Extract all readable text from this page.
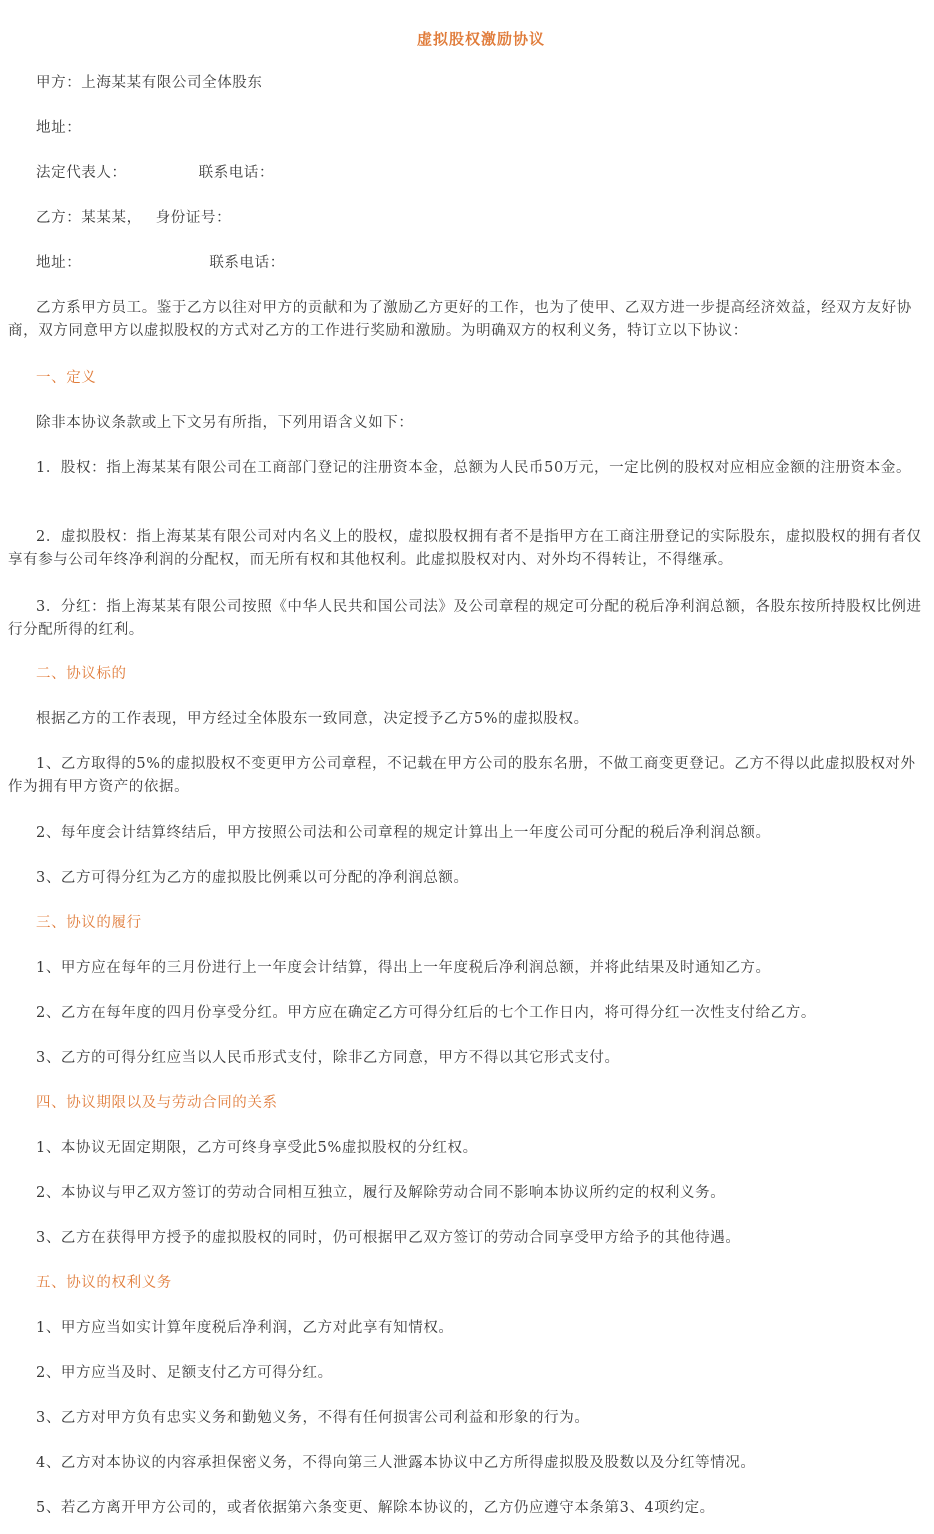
虚拟股权激励协议

甲方：上海某某有限公司全体股东

地址：

法定代表人：	联系电话：

乙方：某某某， 身份证号：

地址：	联系电话：

乙方系甲方员工。鉴于乙方以往对甲方的贡献和为了激励乙方更好的工作，也为了使甲、乙双方进一步提高经济效益，经双方友好协商，双方同意甲方以虚拟股权的方式对乙方的工作进行奖励和激励。为明确双方的权利义务，特订立以下协议：

一、定义

除非本协议条款或上下文另有所指，下列用语含义如下：

1．股权：指上海某某有限公司在工商部门登记的注册资本金，总额为人民币50万元，一定比例的股权对应相应金额的注册资本金。

2．虚拟股权：指上海某某有限公司对内名义上的股权，虚拟股权拥有者不是指甲方在工商注册登记的实际股东，虚拟股权的拥有者仅享有参与公司年终净利润的分配权，而无所有权和其他权利。此虚拟股权对内、对外均不得转让，不得继承。

3．分红：指上海某某有限公司按照《中华人民共和国公司法》及公司章程的规定可分配的税后净利润总额，各股东按所持股权比例进行分配所得的红利。

二、协议标的

根据乙方的工作表现，甲方经过全体股东一致同意，决定授予乙方5%的虚拟股权。

1、乙方取得的5%的虚拟股权不变更甲方公司章程，不记载在甲方公司的股东名册，不做工商变更登记。乙方不得以此虚拟股权对外作为拥有甲方资产的依据。

2、每年度会计结算终结后，甲方按照公司法和公司章程的规定计算出上一年度公司可分配的税后净利润总额。

3、乙方可得分红为乙方的虚拟股比例乘以可分配的净利润总额。

三、协议的履行

1、甲方应在每年的三月份进行上一年度会计结算，得出上一年度税后净利润总额，并将此结果及时通知乙方。

2、乙方在每年度的四月份享受分红。甲方应在确定乙方可得分红后的七个工作日内，将可得分红一次性支付给乙方。

3、乙方的可得分红应当以人民币形式支付，除非乙方同意，甲方不得以其它形式支付。

四、协议期限以及与劳动合同的关系

1、本协议无固定期限，乙方可终身享受此5%虚拟股权的分红权。

2、本协议与甲乙双方签订的劳动合同相互独立，履行及解除劳动合同不影响本协议所约定的权利义务。

3、乙方在获得甲方授予的虚拟股权的同时，仍可根据甲乙双方签订的劳动合同享受甲方给予的其他待遇。

五、协议的权利义务

1、甲方应当如实计算年度税后净利润，乙方对此享有知情权。

2、甲方应当及时、足额支付乙方可得分红。

3、乙方对甲方负有忠实义务和勤勉义务，不得有任何损害公司利益和形象的行为。

4、乙方对本协议的内容承担保密义务，不得向第三人泄露本协议中乙方所得虚拟股及股数以及分红等情况。

5、若乙方离开甲方公司的，或者依据第六条变更、解除本协议的，乙方仍应遵守本条第3、4项约定。
